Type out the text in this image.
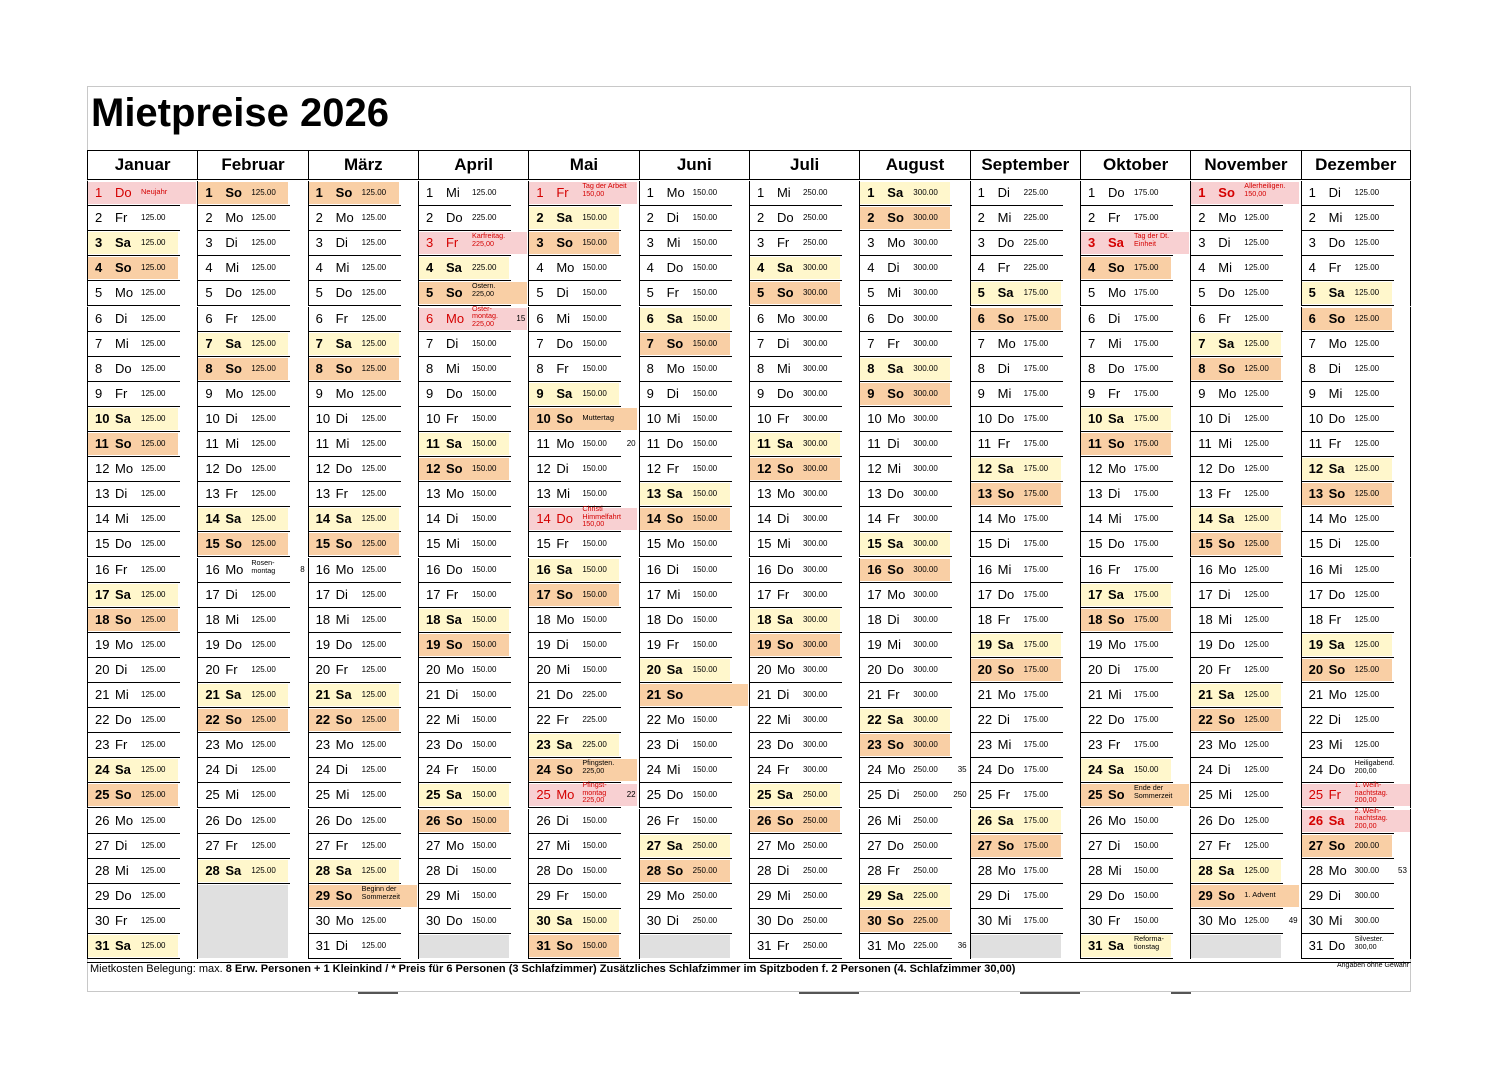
Mietpreise 2026
Januar
1 Do Neujahr
2 Fr 125.00
3 Sa 125.00
4 So 125.00
5 Mo 125.00
6 Di 125.00
7 Mi 125.00
8 Do 125.00
9 Fr 125.00
10 Sa 125.00
11 So 125.00
12 Mo 125.00
13 Di 125.00
14 Mi 125.00
15 Do 125.00
16 Fr 125.00
17 Sa 125.00
18 So 125.00
19 Mo 125.00
20 Di 125.00
21 Mi 125.00
22 Do 125.00
23 Fr 125.00
24 Sa 125.00
25 So 125.00
26 Mo 125.00
27 Di 125.00
28 Mi 125.00
29 Do 125.00
30 Fr 125.00
31 Sa 125.00
Februar
1 So 125.00
2 Mo 125.00
3 Di 125.00
4 Mi 125.00
5 Do 125.00
6 Fr 125.00
7 Sa 125.00
8 So 125.00
9 Mo 125.00
10 Di 125.00
11 Mi 125.00
12 Do 125.00
13 Fr 125.00
14 Sa 125.00
15 So 125.00
16 Mo Rosen-
montag	8
17 Di 125.00
18 Mi 125.00
19 Do 125.00
20 Fr 125.00
21 Sa 125.00
22 So 125.00
23 Mo 125.00
24 Di 125.00
25 Mi 125.00
26 Do 125.00
27 Fr 125.00
28 Sa 125.00
März
1 So 125.00
2 Mo 125.00
3 Di 125.00
4 Mi 125.00
5 Do 125.00
6 Fr 125.00
7 Sa 125.00
8 So 125.00
9 Mo 125.00
10 Di 125.00
11 Mi 125.00
12 Do 125.00
13 Fr 125.00
14 Sa 125.00
15 So 125.00
16 Mo 125.00
17 Di 125.00
18 Mi 125.00
19 Do 125.00
20 Fr 125.00
21 Sa 125.00
22 So 125.00
23 Mo 125.00
24 Di 125.00
25 Mi 125.00
26 Do 125.00
27 Fr 125.00
28 Sa 125.00
29 So Beginn der
Sommerzeit
30 Mo 125.00
31 Di 125.00
April
1 Mi 125.00
2 Do 225.00
3 Fr Karfreitag.
225,00
4 Sa 225.00
5 So Ostern.
225,00
6 Mo
Oster-
montag.
225,00
15
7 Di 150.00
8 Mi 150.00
9 Do 150.00
10 Fr 150.00
11 Sa 150.00
12 So 150.00
13 Mo 150.00
14 Di 150.00
15 Mi 150.00
16 Do 150.00
17 Fr 150.00
18 Sa 150.00
19 So 150.00
20 Mo 150.00
21 Di 150.00
22 Mi 150.00
23 Do 150.00
24 Fr 150.00
25 Sa 150.00
26 So 150.00
27 Mo 150.00
28 Di 150.00
29 Mi 150.00
30 Do 150.00
Mai
1 Fr Tag der Arbeit
150,00
2 Sa 150.00
3 So 150.00
4 Mo 150.00
5 Di 150.00
6 Mi 150.00
7 Do 150.00
8 Fr 150.00
9 Sa 150.00
10 So Muttertag
11 Mo 150.00 20
12 Di 150.00
13 Mi 150.00
14 Do
Christi
Himmelfahrt
150,00
15 Fr 150.00
16 Sa 150.00
17 So 150.00
18 Mo 150.00
19 Di 150.00
20 Mi 150.00
21 Do 225.00
22 Fr 225.00
23 Sa 225.00
24 So Pfingsten.
225,00
25 Mo
Pfingst-
montag
225,00
22
26 Di 150.00
27 Mi 150.00
28 Do 150.00
29 Fr 150.00
30 Sa 150.00
31 So 150.00
Juni
1 Mo 150.00
2 Di 150.00
3 Mi 150.00
4 Do 150.00
5 Fr 150.00
6 Sa 150.00
7 So 150.00
8 Mo 150.00
9 Di 150.00
10 Mi 150.00
11 Do 150.00
12 Fr 150.00
13 Sa 150.00
14 So 150.00
15 Mo 150.00
16 Di 150.00
17 Mi 150.00
18 Do 150.00
19 Fr 150.00
20 Sa 150.00
21 So
22 Mo 150.00
23 Di 150.00
24 Mi 150.00
25 Do 150.00
26 Fr 150.00
27 Sa 250.00
28 So 250.00
29 Mo 250.00
30 Di 250.00
Juli
1 Mi 250.00
2 Do 250.00
3 Fr 250.00
4 Sa 300.00
5 So 300.00
6 Mo 300.00
7 Di 300.00
8 Mi 300.00
9 Do 300.00
10 Fr 300.00
11 Sa 300.00
12 So 300.00
13 Mo 300.00
14 Di 300.00
15 Mi 300.00
16 Do 300.00
17 Fr 300.00
18 Sa 300.00
19 So 300.00
20 Mo 300.00
21 Di 300.00
22 Mi 300.00
23 Do 300.00
24 Fr 300.00
25 Sa 250.00
26 So 250.00
27 Mo 250.00
28 Di 250.00
29 Mi 250.00
30 Do 250.00
31 Fr 250.00
August
1 Sa 300.00
2 So 300.00
3 Mo 300.00
4 Di 300.00
5 Mi 300.00
6 Do 300.00
7 Fr 300.00
8 Sa 300.00
9 So 300.00
10 Mo 300.00
11 Di 300.00
12 Mi 300.00
13 Do 300.00
14 Fr 300.00
15 Sa 300.00
16 So 300.00
17 Mo 300.00
18 Di 300.00
19 Mi 300.00
20 Do 300.00
21 Fr 300.00
22 Sa 300.00
23 So 300.00
24 Mo 250.00 35
25 Di 250.00 250
26 Mi 250.00
27 Do 250.00
28 Fr 250.00
29 Sa 225.00
30 So 225.00
31 Mo 225.00 36
September
1 Di 225.00
2 Mi 225.00
3 Do 225.00
4 Fr 225.00
5 Sa 175.00
6 So 175.00
7 Mo 175.00
8 Di 175.00
9 Mi 175.00
10 Do 175.00
11 Fr 175.00
12 Sa 175.00
13 So 175.00
14 Mo 175.00
15 Di 175.00
16 Mi 175.00
17 Do 175.00
18 Fr 175.00
19 Sa 175.00
20 So 175.00
21 Mo 175.00
22 Di 175.00
23 Mi 175.00
24 Do 175.00
25 Fr 175.00
26 Sa 175.00
27 So 175.00
28 Mo 175.00
29 Di 175.00
30 Mi 175.00
Oktober
1 Do 175.00
2 Fr 175.00
3 Sa Tag der Dt.
Einheit
4 So 175.00
5 Mo 175.00
6 Di 175.00
7 Mi 175.00
8 Do 175.00
9 Fr 175.00
10 Sa 175.00
11 So 175.00
12 Mo 175.00
13 Di 175.00
14 Mi 175.00
15 Do 175.00
16 Fr 175.00
17 Sa 175.00
18 So 175.00
19 Mo 175.00
20 Di 175.00
21 Mi 175.00
22 Do 175.00
23 Fr 175.00
24 Sa 150.00
25 So Ende der
Sommerzeit
26 Mo 150.00
27 Di 150.00
28 Mi 150.00
29 Do 150.00
30 Fr 150.00
31 Sa Reforma-
tionstag
November
1 So Allerheiligen.
150,00
2 Mo 125.00
3 Di 125.00
4 Mi 125.00
5 Do 125.00
6 Fr 125.00
7 Sa 125.00
8 So 125.00
9 Mo 125.00
10 Di 125.00
11 Mi 125.00
12 Do 125.00
13 Fr 125.00
14 Sa 125.00
15 So 125.00
16 Mo 125.00
17 Di 125.00
18 Mi 125.00
19 Do 125.00
20 Fr 125.00
21 Sa 125.00
22 So 125.00
23 Mo 125.00
24 Di 125.00
25 Mi 125.00
26 Do 125.00
27 Fr 125.00
28 Sa 125.00
29 So 1. Advent
30 Mo 125.00 49
Dezember
1 Di 125.00
2 Mi 125.00
3 Do 125.00
4 Fr 125.00
5 Sa 125.00
6 So 125.00
7 Mo 125.00
8 Di 125.00
9 Mi 125.00
10 Do 125.00
11 Fr 125.00
12 Sa 125.00
13 So 125.00
14 Mo 125.00
15 Di 125.00
16 Mi 125.00
17 Do 125.00
18 Fr 125.00
19 Sa 125.00
20 So 125.00
21 Mo 125.00
22 Di 125.00
23 Mi 125.00
24 Do Heiligabend.
200,00
25 Fr
1. Weih-
nachtstag.
200,00
26 Sa
2. Weih-
nachtstag.
200,00
27 So 200.00
28 Mo 300.00 53
29 Di 300.00
30 Mi 300.00
31 Do Silvester.
300,00
Mietkosten Belegung: max. 8 Erw. Personen + 1 Kleinkind / * Preis für 6 Personen (3 Schlafzimmer) Zusätzliches Schlafzimmer im Spitzboden f. 2 Personen (4. Schlafzimmer 30,00)	Angaben ohne Gewähr
